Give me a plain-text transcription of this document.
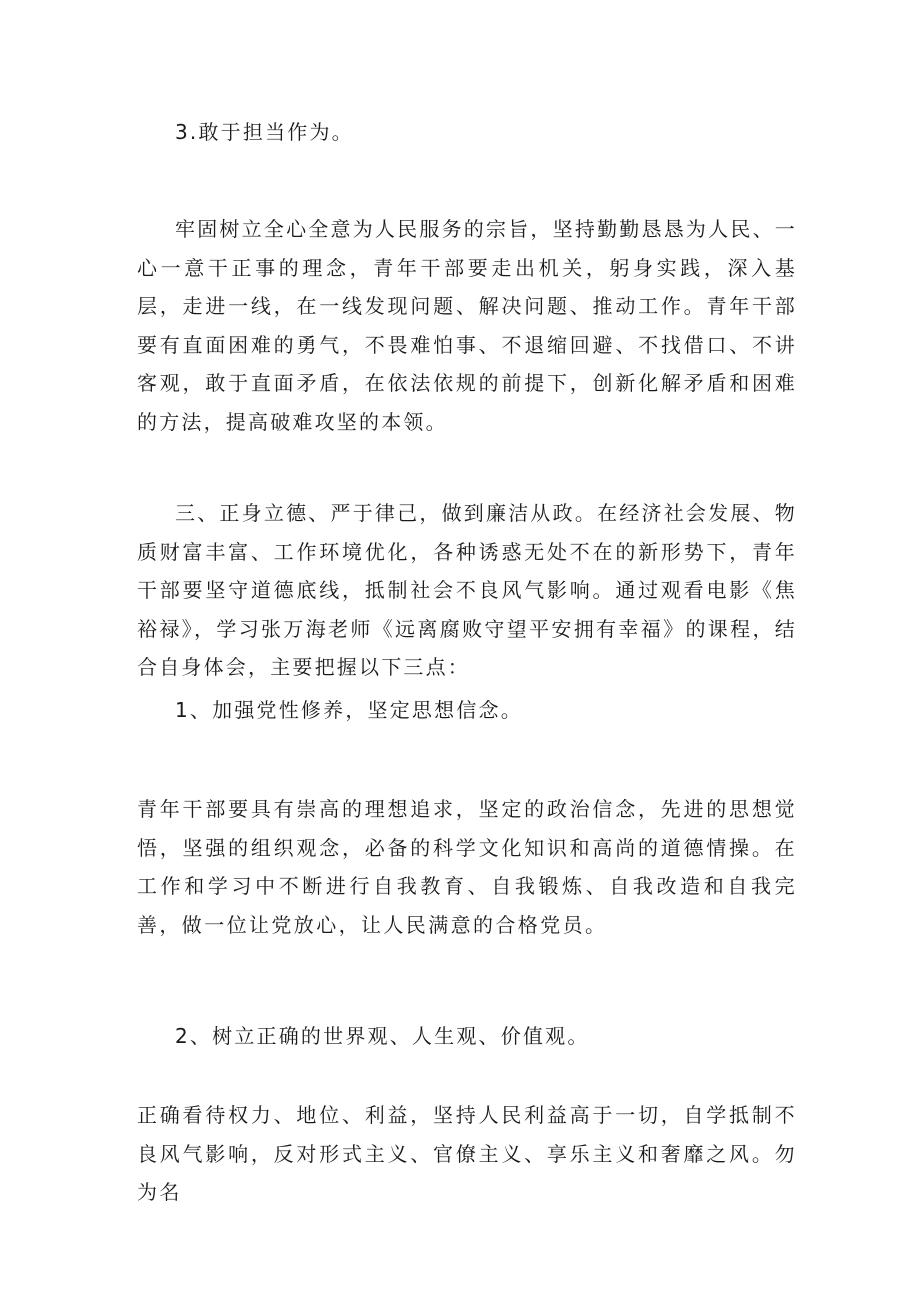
3.敢于担当作为。

牢固树立全心全意为人民服务的宗旨，坚持勤勤恳恳为人民、一心一意干正事的理念，青年干部要走出机关，躬身实践，深入基层，走进一线，在一线发现问题、解决问题、推动工作。青年干部要有直面困难的勇气，不畏难怕事、不退缩回避、不找借口、不讲客观，敢于直面矛盾，在依法依规的前提下，创新化解矛盾和困难的方法，提高破难攻坚的本领。

三、正身立德、严于律己，做到廉洁从政。在经济社会发展、物质财富丰富、工作环境优化，各种诱惑无处不在的新形势下，青年干部要坚守道德底线，抵制社会不良风气影响。通过观看电影《焦裕禄》，学习张万海老师《远离腐败守望平安拥有幸福》的课程，结合自身体会，主要把握以下三点：

1、加强党性修养，坚定思想信念。

青年干部要具有崇高的理想追求，坚定的政治信念，先进的思想觉悟，坚强的组织观念，必备的科学文化知识和高尚的道德情操。在工作和学习中不断进行自我教育、自我锻炼、自我改造和自我完善，做一位让党放心，让人民满意的合格党员。

2、树立正确的世界观、人生观、价值观。

正确看待权力、地位、利益，坚持人民利益高于一切，自学抵制不良风气影响，反对形式主义、官僚主义、享乐主义和奢靡之风。勿为名
